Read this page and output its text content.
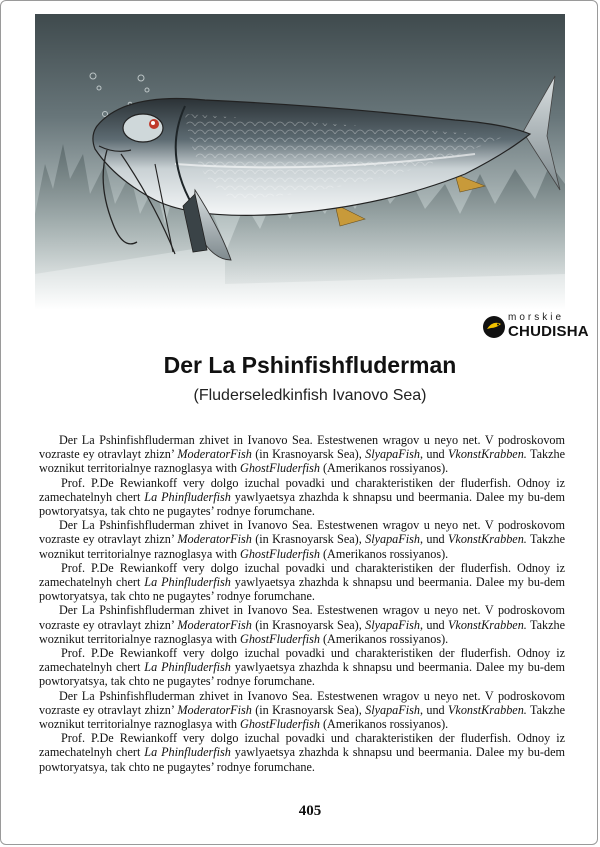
morskie
CHUDISHA
Der La Pshinfishfluderman
(Fluderseledkinfish Ivanovo Sea)

Der La Pshinfishfluderman zhivet in Ivanovo Sea. Estestwenen wragov u neyo net. V podroskovom vozraste ey otravlayt zhizn’ ModeratorFish (in Krasnoyarsk Sea), SlyapaFish, und VkonstKrabben. Takzhe woznikut territorialnye raznoglasya with GhostFluderfish (Amerikanos rossiyanos).

Prof. P.De Rewiankoff very dolgo izuchal povadki und charakteristiken der fluderfish. Odnoy iz zamechatelnyh chert La Phinfluderfish yawlyaetsya zhazhda k shnapsu und beermania. Dalee my bu-dem powtoryatsya, tak chto ne pugaytes’ rodnye forumchane.

Der La Pshinfishfluderman zhivet in Ivanovo Sea. Estestwenen wragov u neyo net. V podroskovom vozraste ey otravlayt zhizn’ ModeratorFish (in Krasnoyarsk Sea), SlyapaFish, und VkonstKrabben. Takzhe woznikut territorialnye raznoglasya with GhostFluderfish (Amerikanos rossiyanos).

Prof. P.De Rewiankoff very dolgo izuchal povadki und charakteristiken der fluderfish. Odnoy iz zamechatelnyh chert La Phinfluderfish yawlyaetsya zhazhda k shnapsu und beermania. Dalee my bu-dem powtoryatsya, tak chto ne pugaytes’ rodnye forumchane.

Der La Pshinfishfluderman zhivet in Ivanovo Sea. Estestwenen wragov u neyo net. V podroskovom vozraste ey otravlayt zhizn’ ModeratorFish (in Krasnoyarsk Sea), SlyapaFish, und VkonstKrabben. Takzhe woznikut territorialnye raznoglasya with GhostFluderfish (Amerikanos rossiyanos).

Prof. P.De Rewiankoff very dolgo izuchal povadki und charakteristiken der fluderfish. Odnoy iz zamechatelnyh chert La Phinfluderfish yawlyaetsya zhazhda k shnapsu und beermania. Dalee my bu-dem powtoryatsya, tak chto ne pugaytes’ rodnye forumchane.

Der La Pshinfishfluderman zhivet in Ivanovo Sea. Estestwenen wragov u neyo net. V podroskovom vozraste ey otravlayt zhizn’ ModeratorFish (in Krasnoyarsk Sea), SlyapaFish, und VkonstKrabben. Takzhe woznikut territorialnye raznoglasya with GhostFluderfish (Amerikanos rossiyanos).

Prof. P.De Rewiankoff very dolgo izuchal povadki und charakteristiken der fluderfish. Odnoy iz zamechatelnyh chert La Phinfluderfish yawlyaetsya zhazhda k shnapsu und beermania. Dalee my bu-dem powtoryatsya, tak chto ne pugaytes’ rodnye forumchane.

405
